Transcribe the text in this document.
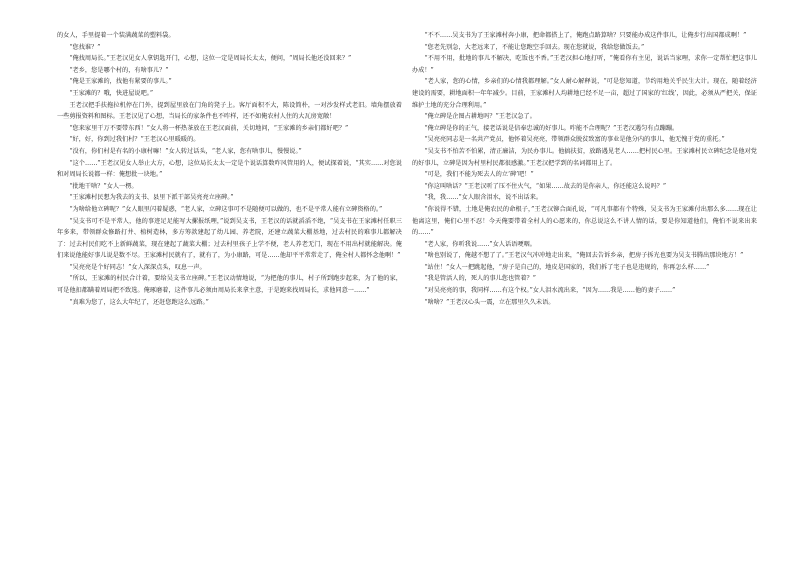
的女人，手里提着一个装满蔬菜的塑料袋。

“您找谁？”

“俺找周局长。”王老汉见女人拿钥匙开门，心想，这位一定是周局长太太，便问，“周局长他还没回来？”

“老乡，您是哪个村的，有啥事儿？”

“俺是王家滩的，找他有紧要的事儿。”

“王家滩的？哦，快进屋说吧。”

王老汉把手扶拖拉机停在门外，提到屋里放在门角的凳子上。客厅面积不大，陈设简朴，一对沙发样式老旧。墙角摆放着一些剪报资料和图标。王老汉见了心想，当局长的家条件也不咋样，还不如俺农村人住的大瓦房宽敞！

“您来家里干万不要带东西！”女人将一杯热茶放在王老汉面前，关切地问，“王家滩的乡亲们都好吧？”

“好，好，你到过我们村？”王老汉心里暖暖的。

“没有，你们村是有名的小康村嘛！”女人转过话头，“老人家，您有啥事儿，慢慢说。”

“这个……”王老汉见女人举止大方，心想，这位局长太太一定是个说话算数咋风管用的人，便试探着说，“其实……对您说和对周局长说都一样：俺想批一块地。”

“批地干啥？”女人一楞。

“王家滩村民想为我去的支书、县里下派干部吴亮亮立座碑。”

“为啥给他立碑呢？”女人眼里闪着疑惑，“老人家，立碑这事可不是随便可以做的，也不是平常人能有立碑资格的。”

“吴支书可不是平常人，他的事迹足足能写大摞报纸哩，”说到吴支书，王老汉的话就滔滔不绝，“吴支书在王家滩村任职三年多来，带领群众修路打井、植树造林，多方筹款建起了幼儿园、养老院，还建立蔬菜大棚基地，过去村民的难事儿都解决了：过去村民们吃不上新鲜蔬菜，现在建起了蔬菜大棚；过去村里孩子上学不便，老人养老无门，现在不用出村就能解决。俺们来说他能好事儿说是数不尽。王家滩村民就有了，就有了，为小康路，可是……他却平平常常走了，俺全村人都怀念他啊！”

“吴亮亮是个好同志！”女人深深点头，叹息一声。

“所以，王家滩的村民合计着，要给吴支书立座碑。”王老汉动情地说，“为把他的事儿，村子所到跑步起来，为了他的家，可是他扣都瞒着周局把不致选。俺琢磨着，这件事儿必须由周局长来拿主意，于是跑来找周局长，求他同意一……”

“真难为您了，这么大年纪了，还赶您跑这么远路。”

“不不……吴支书为了王家滩村奔小康，把命都搭上了，俺跑点路算啥？只要能办成这件事儿，让俺步行出国都成啊！”

“您老先别急，大老远来了，不能让您跑空手回去。现在您就说，我给您做饭去。”

“不用不用，批地的事儿不解决，吃饭也不香。”王老汉担心地打听，“俺看你有主见，说话当家哩，求你一定帮忙把这事儿办成！”

“老人家，您的心情，乡亲们的心情我都理解。”女人耐心解释说，“可是您知道，节约用地关乎民生大计。现在，随着经济建设的需要，耕地面积一年年减少。目前，王家滩村人均耕地已经不足一亩，超过了国家的‘红线’，因此，必须从严把关，保证维护土地的充分合理利用。”

“俺立碑是企图占耕地吗？”王老汉急了。

“俺立碑是你的正气，接老话说是信奉忠诚的好事儿。咋能不合理呢？”王老汉遇匀有点蹦蹦。

“吴亮亮同志是一名共产党员，他怀着吴亮亮，带领群众脱贫致富的事业是他分内的事儿，他无愧于党的重托。”

“吴支书不怕苦不怕累，清正廉洁，为民办事儿。他搞扶贫，放路遇见老人……把村民心里。王家滩村民立碑纪念是他对党的好事儿，立碑是因为村里村民都很感激。”王老汉把学到的名词都用上了。

“可是，我们不能为死去人的立‘碑’吧！”

“你这叫啥话？”王老汉听了压不住火气，“如果……故去的是你亲人，你还能这么说吗？”

“我，我……”女人眼含泪水，说不出话来。

“你说得不错，土地是俺农民的命根子，”王老汉铆合面孔说，“可凡事都有个特殊，吴支书为王家滩付出那么多……现在让他离这里，俺们心里不忍！今天俺要带着全村人的心愿来的，你总说这么不讲人情的话，要是你知道他们，俺怕不说来出来的……”

“老人家，你听我说……”女人话语哽咽。

“啥也别说了，俺越不想了了。”王老汉气冲冲地走出来，“俺回去告诉乡亲，把房子拆光也要为吴支书腾出那块地方！”

“站住！”女人一把跳起他，“房子是自己的，地皮是国家的，我们拆了宅子也是违规的，你再怎么样……”

“我是管活人的，死人的事儿您也管着？”

“对吴亮亮的事，我同样……有这个权。”女人泪水流出来，“因为……我是……他的妻子……”

“啥啥？”王老汉心头一震，立在那里久久未语。
